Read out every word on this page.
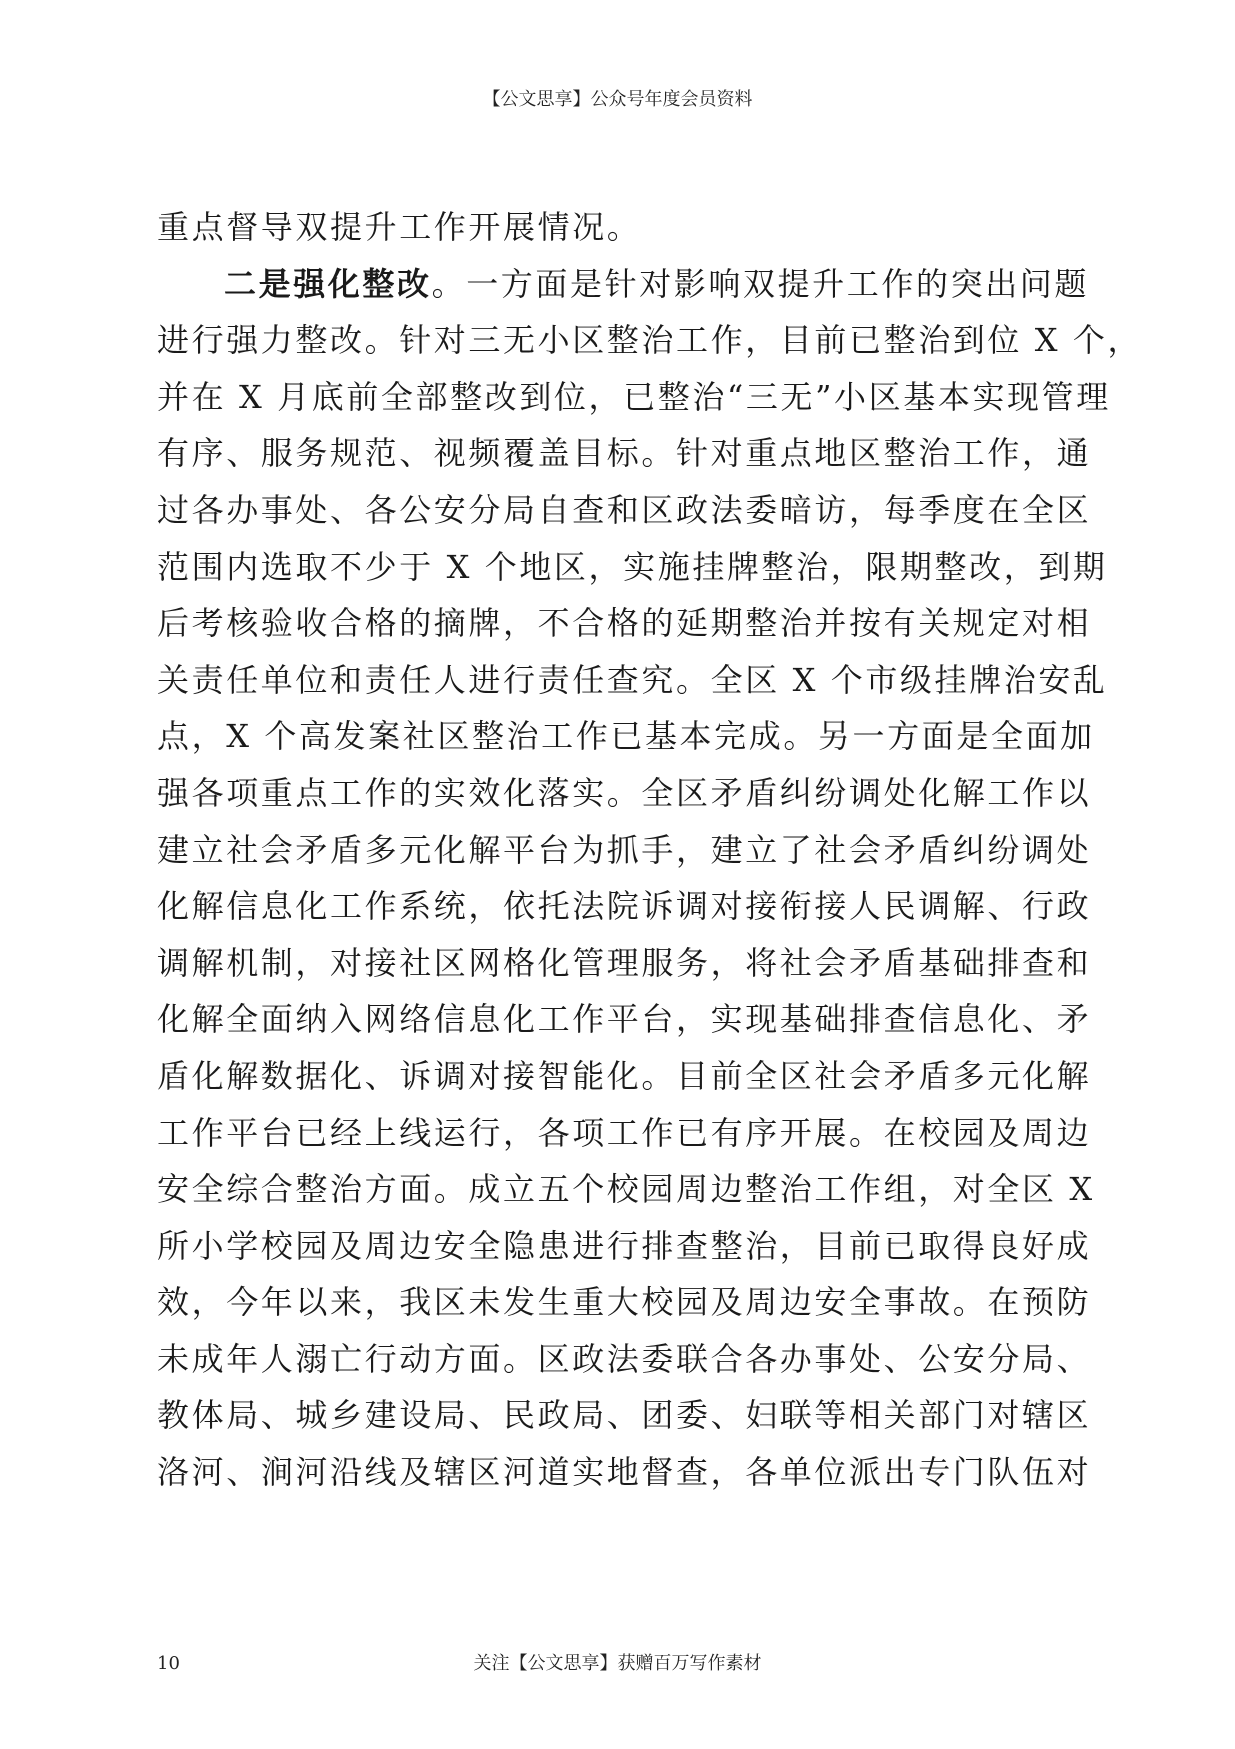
【公文思享】公众号年度会员资料
重点督导双提升工作开展情况。

二是强化整改。一方面是针对影响双提升工作的突出问题
进行强力整改。针对三无小区整治工作，目前已整治到位 X 个，
并在 X 月底前全部整改到位，已整治“三无”小区基本实现管理
有序、服务规范、视频覆盖目标。针对重点地区整治工作，通
过各办事处、各公安分局自查和区政法委暗访，每季度在全区
范围内选取不少于 X 个地区，实施挂牌整治，限期整改，到期
后考核验收合格的摘牌，不合格的延期整治并按有关规定对相
关责任单位和责任人进行责任查究。全区 X 个市级挂牌治安乱
点，X 个高发案社区整治工作已基本完成。另一方面是全面加
强各项重点工作的实效化落实。全区矛盾纠纷调处化解工作以
建立社会矛盾多元化解平台为抓手，建立了社会矛盾纠纷调处
化解信息化工作系统，依托法院诉调对接衔接人民调解、行政
调解机制，对接社区网格化管理服务，将社会矛盾基础排查和
化解全面纳入网络信息化工作平台，实现基础排查信息化、矛
盾化解数据化、诉调对接智能化。目前全区社会矛盾多元化解
工作平台已经上线运行，各项工作已有序开展。在校园及周边
安全综合整治方面。成立五个校园周边整治工作组，对全区 X
所小学校园及周边安全隐患进行排查整治，目前已取得良好成
效，今年以来，我区未发生重大校园及周边安全事故。在预防
未成年人溺亡行动方面。区政法委联合各办事处、公安分局、
教体局、城乡建设局、民政局、团委、妇联等相关部门对辖区
洛河、涧河沿线及辖区河道实地督查，各单位派出专门队伍对

关注【公文思享】获赠百万写作素材
10
